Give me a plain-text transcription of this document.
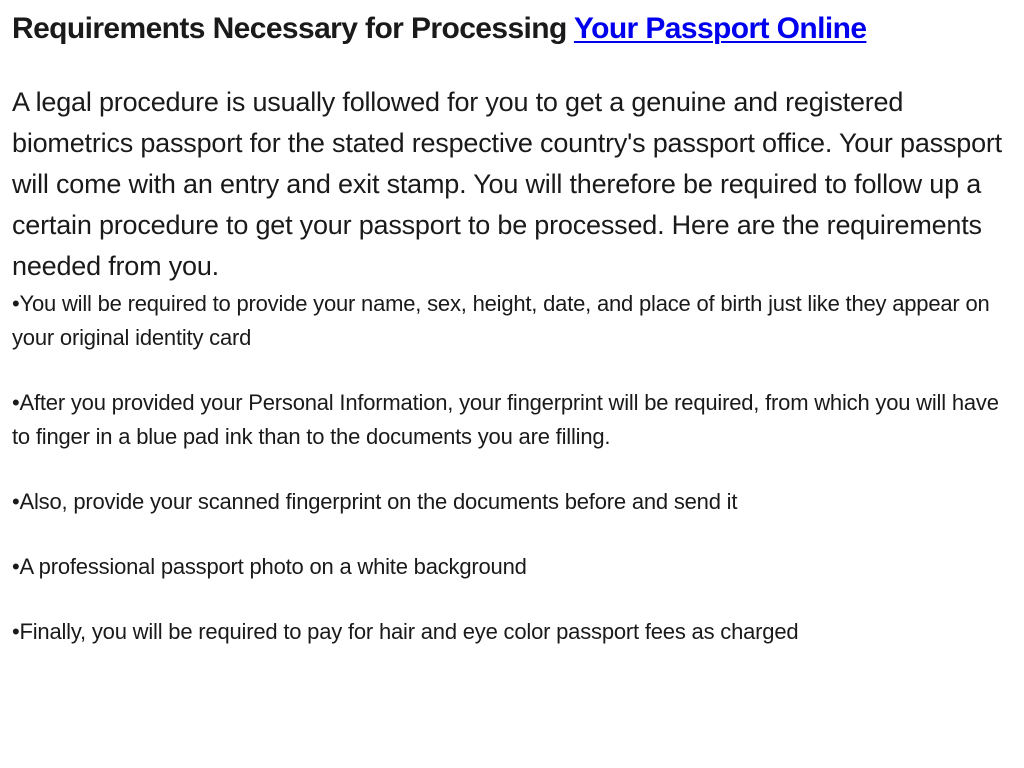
Requirements Necessary for Processing Your Passport Online

A legal procedure is usually followed for you to get a genuine and registered biometrics passport for the stated respective country's passport office. Your passport will come with an entry and exit stamp. You will therefore be required to follow up a certain procedure to get your passport to be processed. Here are the requirements needed from you.

•You will be required to provide your name, sex, height, date, and place of birth just like they appear on your original identity card
•After you provided your Personal Information, your fingerprint will be required, from which you will have to finger in a blue pad ink than to the documents you are filling.
•Also, provide your scanned fingerprint on the documents before and send it
•A professional passport photo on a white background
•Finally, you will be required to pay for hair and eye color passport fees as charged
